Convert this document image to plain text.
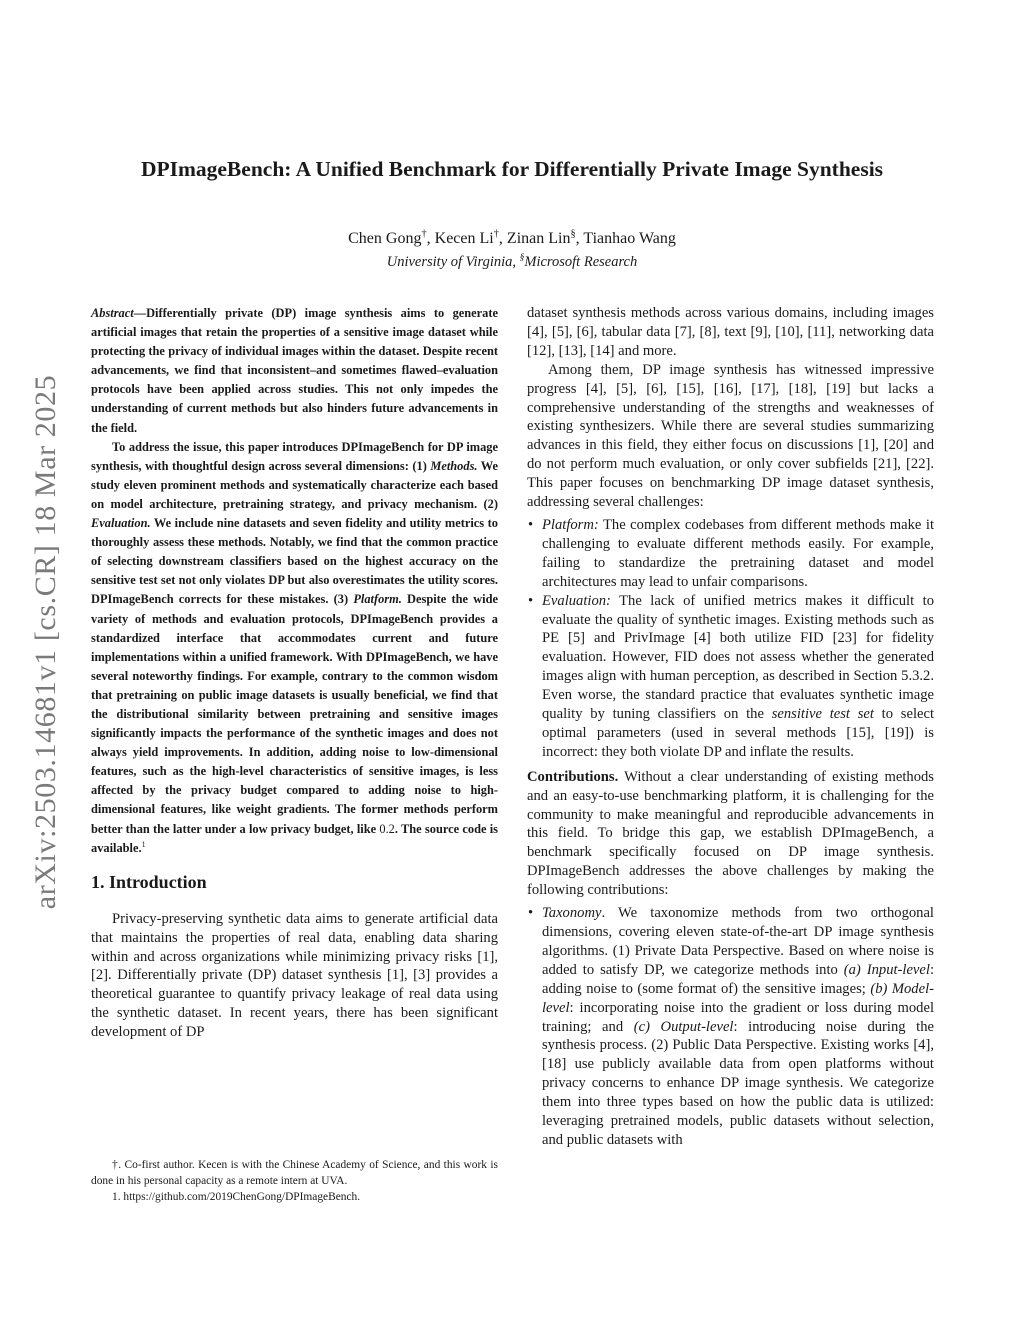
arXiv:2503.14681v1 [cs.CR] 18 Mar 2025
DPImageBench: A Unified Benchmark for Differentially Private Image Synthesis
Chen Gong†, Kecen Li†, Zinan Lin§, Tianhao Wang
University of Virginia, §Microsoft Research

Abstract—Differentially private (DP) image synthesis aims to generate artificial images that retain the properties of a sensitive image dataset while protecting the privacy of individual images within the dataset. Despite recent advancements, we find that inconsistent–and sometimes flawed–evaluation protocols have been applied across studies. This not only impedes the understanding of current methods but also hinders future advancements in the field.

To address the issue, this paper introduces DPImageBench for DP image synthesis, with thoughtful design across several dimensions: (1) Methods. We study eleven prominent methods and systematically characterize each based on model architecture, pretraining strategy, and privacy mechanism. (2) Evaluation. We include nine datasets and seven fidelity and utility metrics to thoroughly assess these methods. Notably, we find that the common practice of selecting downstream classifiers based on the highest accuracy on the sensitive test set not only violates DP but also overestimates the utility scores. DPImageBench corrects for these mistakes. (3) Platform. Despite the wide variety of methods and evaluation protocols, DPImageBench provides a standardized interface that accommodates current and future implementations within a unified framework. With DPImageBench, we have several noteworthy findings. For example, contrary to the common wisdom that pretraining on public image datasets is usually beneficial, we find that the distributional similarity between pretraining and sensitive images significantly impacts the performance of the synthetic images and does not always yield improvements. In addition, adding noise to low-dimensional features, such as the high-level characteristics of sensitive images, is less affected by the privacy budget compared to adding noise to high-dimensional features, like weight gradients. The former methods perform better than the latter under a low privacy budget, like 0.2. The source code is available.$^1$

1. Introduction

Privacy-preserving synthetic data aims to generate artificial data that maintains the properties of real data, enabling data sharing within and across organizations while minimizing privacy risks [1], [2]. Differentially private (DP) dataset synthesis [1], [3] provides a theoretical guarantee to quantify privacy leakage of real data using the synthetic dataset. In recent years, there has been significant development of DP

†. Co-first author. Kecen is with the Chinese Academy of Science, and this work is done in his personal capacity as a remote intern at UVA.

1. https://github.com/2019ChenGong/DPImageBench.

dataset synthesis methods across various domains, including images [4], [5], [6], tabular data [7], [8], text [9], [10], [11], networking data [12], [13], [14] and more.

Among them, DP image synthesis has witnessed impressive progress [4], [5], [6], [15], [16], [17], [18], [19] but lacks a comprehensive understanding of the strengths and weaknesses of existing synthesizers. While there are several studies summarizing advances in this field, they either focus on discussions [1], [20] and do not perform much evaluation, or only cover subfields [21], [22]. This paper focuses on benchmarking DP image dataset synthesis, addressing several challenges:

• Platform: The complex codebases from different methods make it challenging to evaluate different methods easily. For example, failing to standardize the pretraining dataset and model architectures may lead to unfair comparisons.

• Evaluation: The lack of unified metrics makes it difficult to evaluate the quality of synthetic images. Existing methods such as PE [5] and PrivImage [4] both utilize FID [23] for fidelity evaluation. However, FID does not assess whether the generated images align with human perception, as described in Section 5.3.2. Even worse, the standard practice that evaluates synthetic image quality by tuning classifiers on the sensitive test set to select optimal parameters (used in several methods [15], [19]) is incorrect: they both violate DP and inflate the results.

Contributions. Without a clear understanding of existing methods and an easy-to-use benchmarking platform, it is challenging for the community to make meaningful and reproducible advancements in this field. To bridge this gap, we establish DPImageBench, a benchmark specifically focused on DP image synthesis. DPImageBench addresses the above challenges by making the following contributions:

• Taxonomy. We taxonomize methods from two orthogonal dimensions, covering eleven state-of-the-art DP image synthesis algorithms. (1) Private Data Perspective. Based on where noise is added to satisfy DP, we categorize methods into (a) Input-level: adding noise to (some format of) the sensitive images; (b) Model-level: incorporating noise into the gradient or loss during model training; and (c) Output-level: introducing noise during the synthesis process. (2) Public Data Perspective. Existing works [4], [18] use publicly available data from open platforms without privacy concerns to enhance DP image synthesis. We categorize them into three types based on how the public data is utilized: leveraging pretrained models, public datasets without selection, and public datasets with
